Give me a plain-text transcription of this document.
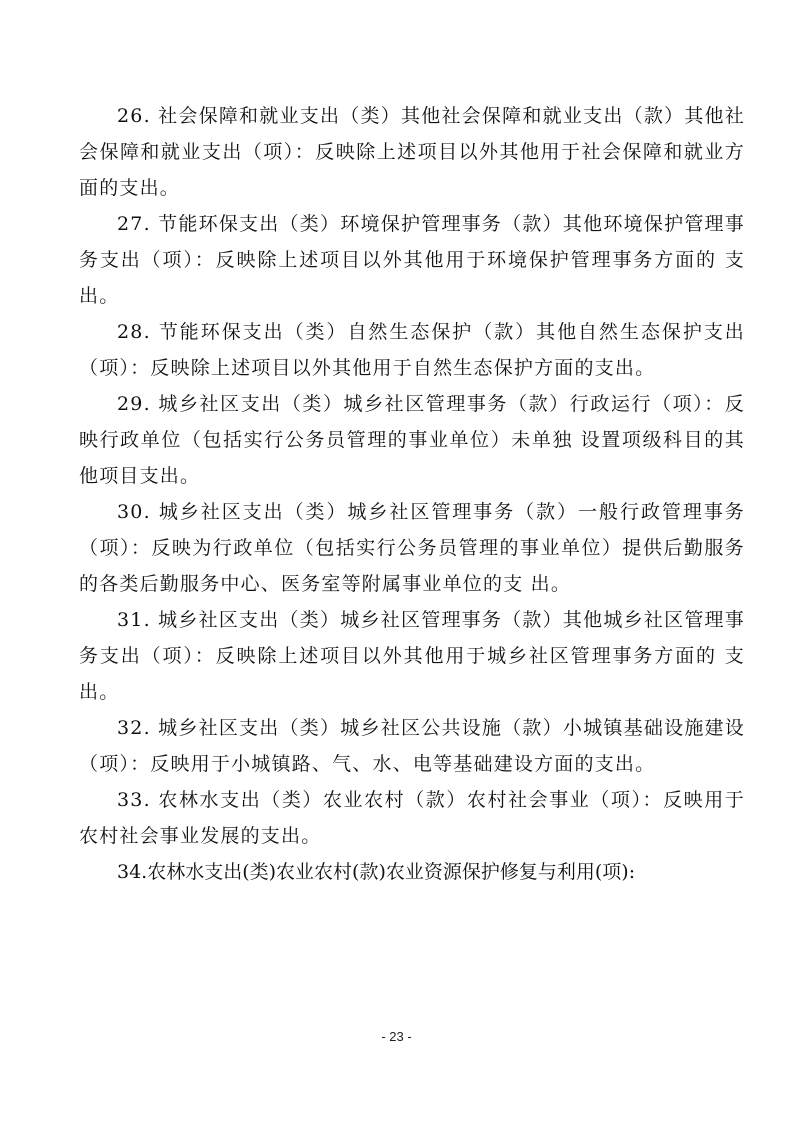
26. 社会保障和就业支出（类）其他社会保障和就业支出（款）其他社会保障和就业支出（项）：反映除上述项目以外其他用于社会保障和就业方面的支出。

27. 节能环保支出（类）环境保护管理事务（款）其他环境保护管理事务支出（项）：反映除上述项目以外其他用于环境保护管理事务方面的 支出。

28. 节能环保支出（类）自然生态保护（款）其他自然生态保护支出（项）：反映除上述项目以外其他用于自然生态保护方面的支出。

29. 城乡社区支出（类）城乡社区管理事务（款）行政运行（项）：反映行政单位（包括实行公务员管理的事业单位）未单独 设置项级科目的其他项目支出。

30. 城乡社区支出（类）城乡社区管理事务（款）一般行政管理事务（项）：反映为行政单位（包括实行公务员管理的事业单位）提供后勤服务的各类后勤服务中心、医务室等附属事业单位的支 出。

31. 城乡社区支出（类）城乡社区管理事务（款）其他城乡社区管理事务支出（项）：反映除上述项目以外其他用于城乡社区管理事务方面的 支出。

32. 城乡社区支出（类）城乡社区公共设施（款）小城镇基础设施建设（项）：反映用于小城镇路、气、水、电等基础建设方面的支出。

33. 农林水支出（类）农业农村（款）农村社会事业（项）：反映用于农村社会事业发展的支出。

34.农林水支出(类)农业农村(款)农业资源保护修复与利用(项):

- 23 -
